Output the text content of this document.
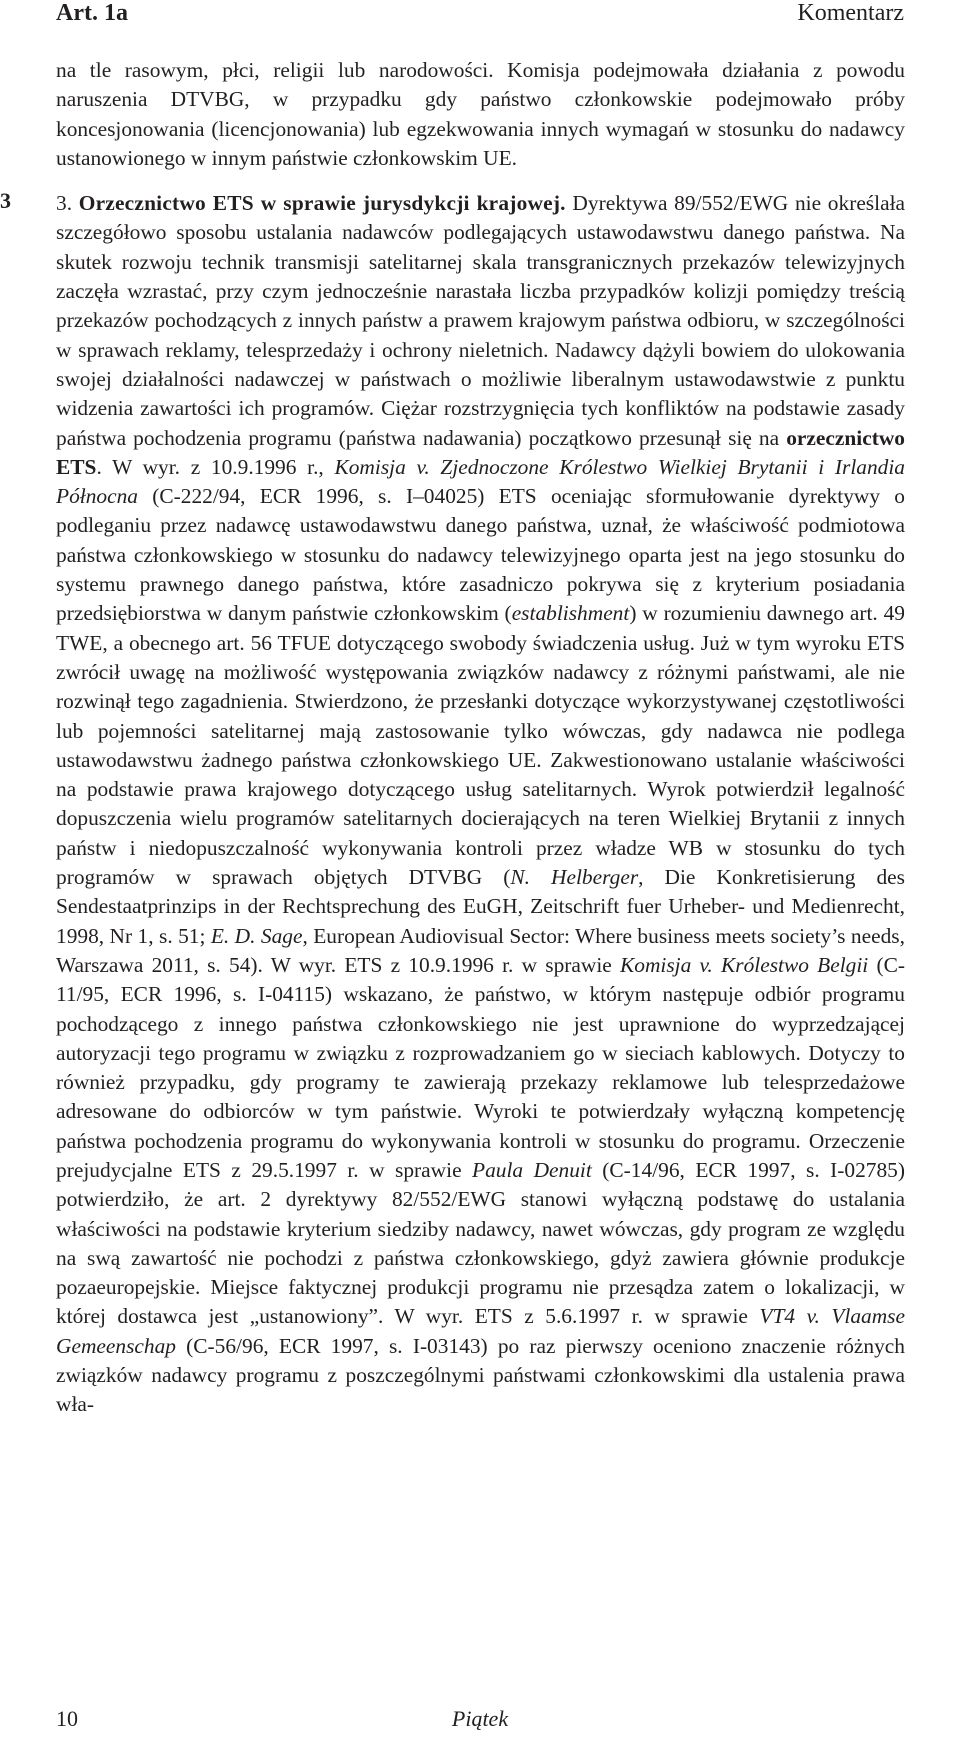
Art. 1a	Komentarz
3

na tle rasowym, płci, religii lub narodowości. Komisja podejmowała działania z powodu naruszenia DTVBG, w przypadku gdy państwo członkowskie podejmowało próby koncesjonowania (licencjonowania) lub egzekwowania innych wymagań w stosunku do nadawcy ustanowionego w innym państwie członkowskim UE.

3. Orzecznictwo ETS w sprawie jurysdykcji krajowej. Dyrektywa 89/552/EWG nie określała szczegółowo sposobu ustalania nadawców podlegających ustawodawstwu danego państwa. Na skutek rozwoju technik transmisji satelitarnej skala transgranicznych przekazów telewizyjnych zaczęła wzrastać, przy czym jednocześnie narastała liczba przypadków kolizji pomiędzy treścią przekazów pochodzących z innych państw a prawem krajowym państwa odbioru, w szczególności w sprawach reklamy, telesprzedaży i ochrony nieletnich. Nadawcy dążyli bowiem do ulokowania swojej działalności nadawczej w państwach o możliwie liberalnym ustawodawstwie z punktu widzenia zawartości ich programów. Ciężar rozstrzygnięcia tych konfliktów na podstawie zasady państwa pochodzenia programu (państwa nadawania) początkowo przesunął się na orzecznictwo ETS. W wyr. z 10.9.1996 r., Komisja v. Zjednoczone Królestwo Wielkiej Brytanii i Irlandia Północna (C-222/94, ECR 1996, s. I–04025) ETS oceniając sformułowanie dyrektywy o podleganiu przez nadawcę ustawodawstwu danego państwa, uznał, że właściwość podmiotowa państwa członkowskiego w stosunku do nadawcy telewizyjnego oparta jest na jego stosunku do systemu prawnego danego państwa, które zasadniczo pokrywa się z kryterium posiadania przedsiębiorstwa w danym państwie członkowskim (establishment) w rozumieniu dawnego art. 49 TWE, a obecnego art. 56 TFUE dotyczącego swobody świadczenia usług. Już w tym wyroku ETS zwrócił uwagę na możliwość występowania związków nadawcy z różnymi państwami, ale nie rozwinął tego zagadnienia. Stwierdzono, że przesłanki dotyczące wykorzystywanej częstotliwości lub pojemności satelitarnej mają zastosowanie tylko wówczas, gdy nadawca nie podlega ustawodawstwu żadnego państwa członkowskiego UE. Zakwestionowano ustalanie właściwości na podstawie prawa krajowego dotyczącego usług satelitarnych. Wyrok potwierdził legalność dopuszczenia wielu programów satelitarnych docierających na teren Wielkiej Brytanii z innych państw i niedopuszczalność wykonywania kontroli przez władze WB w stosunku do tych programów w sprawach objętych DTVBG (N. Helberger, Die Konkretisierung des Sendestaatprinzips in der Rechtsprechung des EuGH, Zeitschrift fuer Urheber- und Medienrecht, 1998, Nr 1, s. 51; E. D. Sage, European Audiovisual Sector: Where business meets society’s needs, Warszawa 2011, s. 54). W wyr. ETS z 10.9.1996 r. w sprawie Komisja v. Królestwo Belgii (C-11/95, ECR 1996, s. I-04115) wskazano, że państwo, w którym następuje odbiór programu pochodzącego z innego państwa członkowskiego nie jest uprawnione do wyprzedzającej autoryzacji tego programu w związku z rozprowadzaniem go w sieciach kablowych. Dotyczy to również przypadku, gdy programy te zawierają przekazy reklamowe lub telesprzedażowe adresowane do odbiorców w tym państwie. Wyroki te potwierdzały wyłączną kompetencję państwa pochodzenia programu do wykonywania kontroli w stosunku do programu. Orzeczenie prejudycjalne ETS z 29.5.1997 r. w sprawie Paula Denuit (C-14/96, ECR 1997, s. I-02785) potwierdziło, że art. 2 dyrektywy 82/552/EWG stanowi wyłączną podstawę do ustalania właściwości na podstawie kryterium siedziby nadawcy, nawet wówczas, gdy program ze względu na swą zawartość nie pochodzi z państwa członkowskiego, gdyż zawiera głównie produkcje pozaeuropejskie. Miejsce faktycznej produkcji programu nie przesądza zatem o lokalizacji, w której dostawca jest „ustanowiony”. W wyr. ETS z 5.6.1997 r. w sprawie VT4 v. Vlaamse Gemeenschap (C-56/96, ECR 1997, s. I-03143) po raz pierwszy oceniono znaczenie różnych związków nadawcy programu z poszczególnymi państwami członkowskimi dla ustalenia prawa wła-

10	Piątek
